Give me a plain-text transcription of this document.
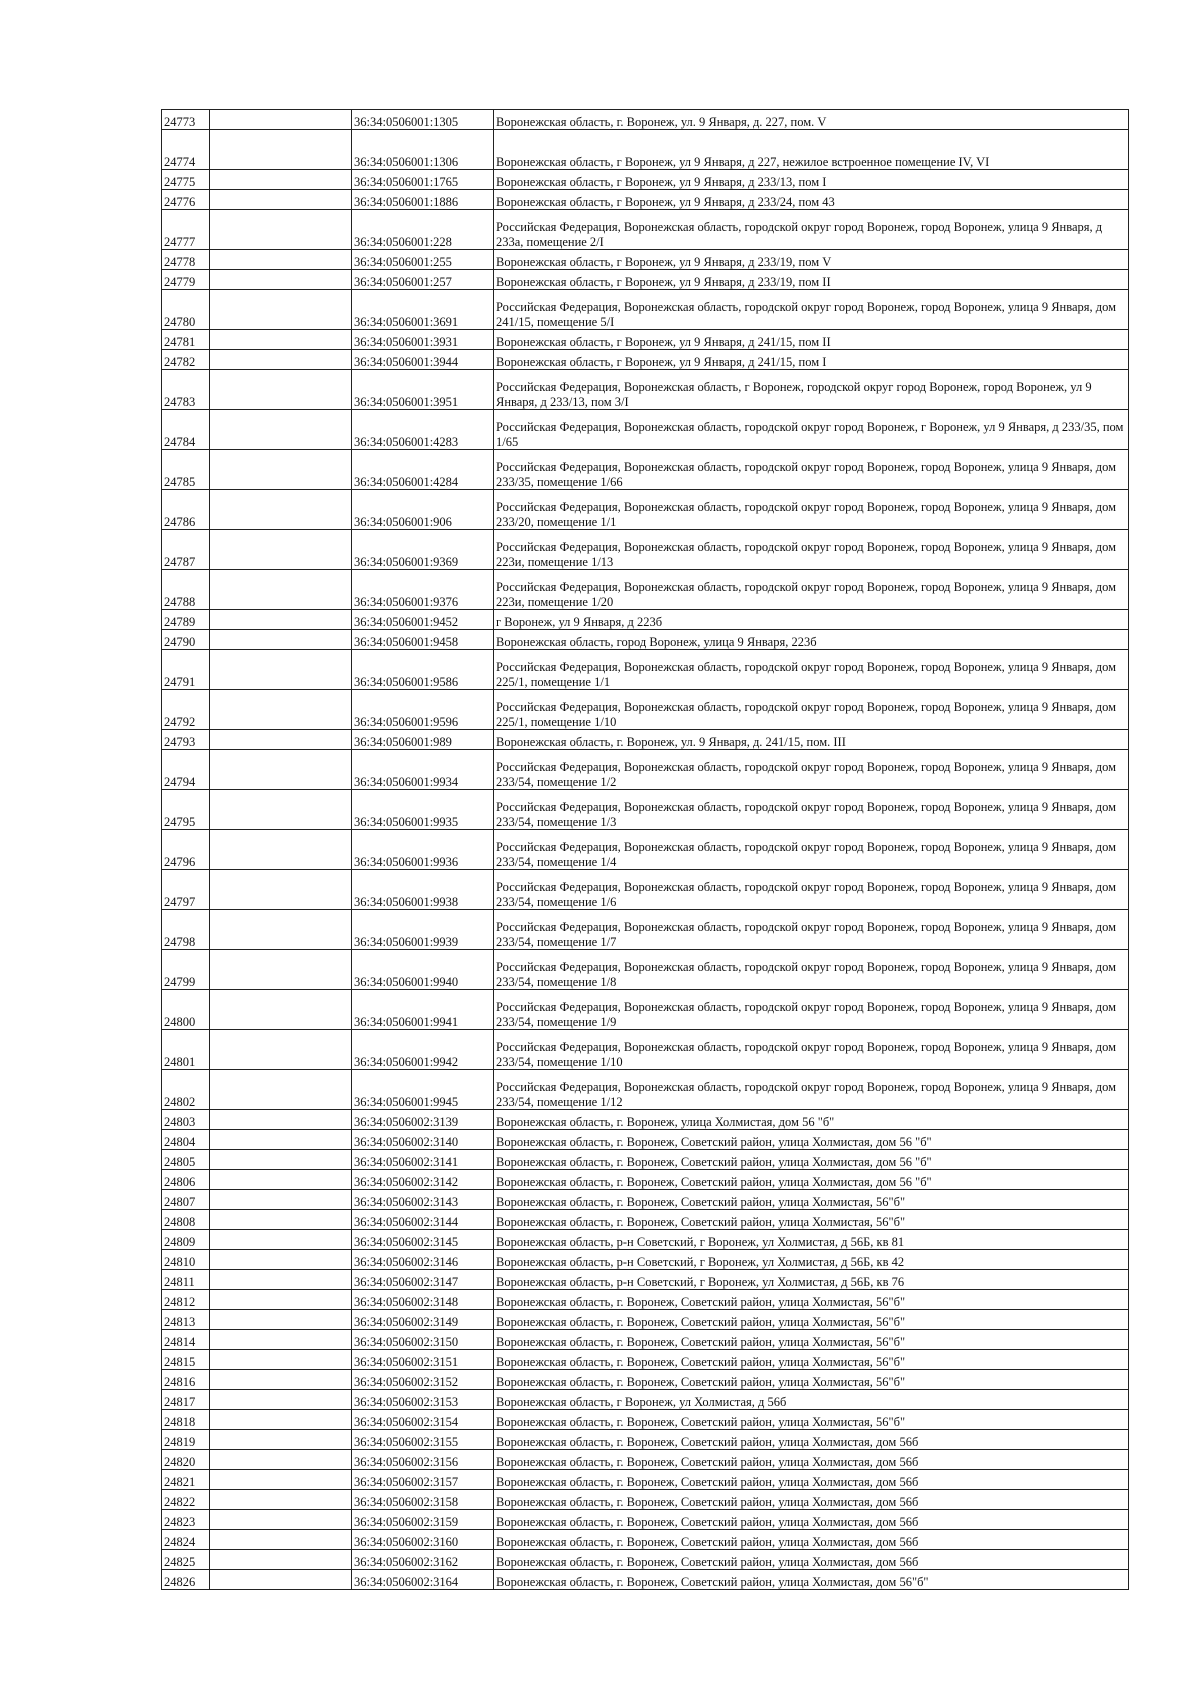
24773		36:34:0506001:1305	Воронежская область, г. Воронеж, ул. 9 Января, д. 227, пом. V
24774		36:34:0506001:1306	Воронежская область, г Воронеж, ул 9 Января, д 227, нежилое встроенное помещение IV, VI
24775		36:34:0506001:1765	Воронежская область, г Воронеж, ул 9 Января, д 233/13, пом I
24776		36:34:0506001:1886	Воронежская область, г Воронеж, ул 9 Января, д 233/24, пом 43
24777		36:34:0506001:228	Российская Федерация, Воронежская область, городской округ город Воронеж, город Воронеж, улица 9 Января, д 233а, помещение 2/I
24778		36:34:0506001:255	Воронежская область, г Воронеж, ул 9 Января, д 233/19, пом V
24779		36:34:0506001:257	Воронежская область, г Воронеж, ул 9 Января, д 233/19, пом II
24780		36:34:0506001:3691	Российская Федерация, Воронежская область, городской округ город Воронеж, город Воронеж, улица 9 Января, дом 241/15, помещение 5/I
24781		36:34:0506001:3931	Воронежская область, г Воронеж, ул 9 Января, д 241/15, пом II
24782		36:34:0506001:3944	Воронежская область, г Воронеж, ул 9 Января, д 241/15, пом I
24783		36:34:0506001:3951	Российская Федерация, Воронежская область, г Воронеж, городской округ город Воронеж, город Воронеж, ул 9 Января, д 233/13, пом 3/I
24784		36:34:0506001:4283	Российская Федерация, Воронежская область, городской округ город Воронеж, г Воронеж, ул 9 Января, д 233/35, пом 1/65
24785		36:34:0506001:4284	Российская Федерация, Воронежская область, городской округ город Воронеж, город Воронеж, улица 9 Января, дом 233/35, помещение 1/66
24786		36:34:0506001:906	Российская Федерация, Воронежская область, городской округ город Воронеж, город Воронеж, улица 9 Января, дом 233/20, помещение 1/1
24787		36:34:0506001:9369	Российская Федерация, Воронежская область, городской округ город Воронеж, город Воронеж, улица 9 Января, дом 223и, помещение 1/13
24788		36:34:0506001:9376	Российская Федерация, Воронежская область, городской округ город Воронеж, город Воронеж, улица 9 Января, дом 223и, помещение 1/20
24789		36:34:0506001:9452	г Воронеж, ул 9 Января, д 223б
24790		36:34:0506001:9458	Воронежская область, город Воронеж, улица 9 Января, 223б
24791		36:34:0506001:9586	Российская Федерация, Воронежская область, городской округ город Воронеж, город Воронеж, улица 9 Января, дом 225/1, помещение 1/1
24792		36:34:0506001:9596	Российская Федерация, Воронежская область, городской округ город Воронеж, город Воронеж, улица 9 Января, дом 225/1, помещение 1/10
24793		36:34:0506001:989	Воронежская область, г. Воронеж, ул. 9 Января, д. 241/15, пом. III
24794		36:34:0506001:9934	Российская Федерация, Воронежская область, городской округ город Воронеж, город Воронеж, улица 9 Января, дом 233/54, помещение 1/2
24795		36:34:0506001:9935	Российская Федерация, Воронежская область, городской округ город Воронеж, город Воронеж, улица 9 Января, дом 233/54, помещение 1/3
24796		36:34:0506001:9936	Российская Федерация, Воронежская область, городской округ город Воронеж, город Воронеж, улица 9 Января, дом 233/54, помещение 1/4
24797		36:34:0506001:9938	Российская Федерация, Воронежская область, городской округ город Воронеж, город Воронеж, улица 9 Января, дом 233/54, помещение 1/6
24798		36:34:0506001:9939	Российская Федерация, Воронежская область, городской округ город Воронеж, город Воронеж, улица 9 Января, дом 233/54, помещение 1/7
24799		36:34:0506001:9940	Российская Федерация, Воронежская область, городской округ город Воронеж, город Воронеж, улица 9 Января, дом 233/54, помещение 1/8
24800		36:34:0506001:9941	Российская Федерация, Воронежская область, городской округ город Воронеж, город Воронеж, улица 9 Января, дом 233/54, помещение 1/9
24801		36:34:0506001:9942	Российская Федерация, Воронежская область, городской округ город Воронеж, город Воронеж, улица 9 Января, дом 233/54, помещение 1/10
24802		36:34:0506001:9945	Российская Федерация, Воронежская область, городской округ город Воронеж, город Воронеж, улица 9 Января, дом 233/54, помещение 1/12
24803		36:34:0506002:3139	Воронежская область, г. Воронеж, улица Холмистая, дом 56 "б"
24804		36:34:0506002:3140	Воронежская область, г. Воронеж, Советский район, улица Холмистая, дом 56 "б"
24805		36:34:0506002:3141	Воронежская область, г. Воронеж, Советский район, улица Холмистая, дом 56 "б"
24806		36:34:0506002:3142	Воронежская область, г. Воронеж, Советский район, улица Холмистая, дом 56 "б"
24807		36:34:0506002:3143	Воронежская область, г. Воронеж, Советский район, улица Холмистая, 56"б"
24808		36:34:0506002:3144	Воронежская область, г. Воронеж, Советский район, улица Холмистая, 56"б"
24809		36:34:0506002:3145	Воронежская область, р-н Советский, г Воронеж, ул Холмистая, д 56Б, кв 81
24810		36:34:0506002:3146	Воронежская область, р-н Советский, г Воронеж, ул Холмистая, д 56Б, кв 42
24811		36:34:0506002:3147	Воронежская область, р-н Советский, г Воронеж, ул Холмистая, д 56Б, кв 76
24812		36:34:0506002:3148	Воронежская область, г. Воронеж, Советский район, улица Холмистая, 56"б"
24813		36:34:0506002:3149	Воронежская область, г. Воронеж, Советский район, улица Холмистая, 56"б"
24814		36:34:0506002:3150	Воронежская область, г. Воронеж, Советский район, улица Холмистая, 56"б"
24815		36:34:0506002:3151	Воронежская область, г. Воронеж, Советский район, улица Холмистая, 56"б"
24816		36:34:0506002:3152	Воронежская область, г. Воронеж, Советский район, улица Холмистая, 56"б"
24817		36:34:0506002:3153	Воронежская область, г Воронеж, ул Холмистая, д 56б
24818		36:34:0506002:3154	Воронежская область, г. Воронеж, Советский район, улица Холмистая, 56"б"
24819		36:34:0506002:3155	Воронежская область, г. Воронеж, Советский район, улица Холмистая, дом 56б
24820		36:34:0506002:3156	Воронежская область, г. Воронеж, Советский район, улица Холмистая, дом 56б
24821		36:34:0506002:3157	Воронежская область, г. Воронеж, Советский район, улица Холмистая, дом 56б
24822		36:34:0506002:3158	Воронежская область, г. Воронеж, Советский район, улица Холмистая, дом 56б
24823		36:34:0506002:3159	Воронежская область, г. Воронеж, Советский район, улица Холмистая, дом 56б
24824		36:34:0506002:3160	Воронежская область, г. Воронеж, Советский район, улица Холмистая, дом 56б
24825		36:34:0506002:3162	Воронежская область, г. Воронеж, Советский район, улица Холмистая, дом 56б
24826		36:34:0506002:3164	Воронежская область, г. Воронеж, Советский район, улица Холмистая, дом 56"б"
